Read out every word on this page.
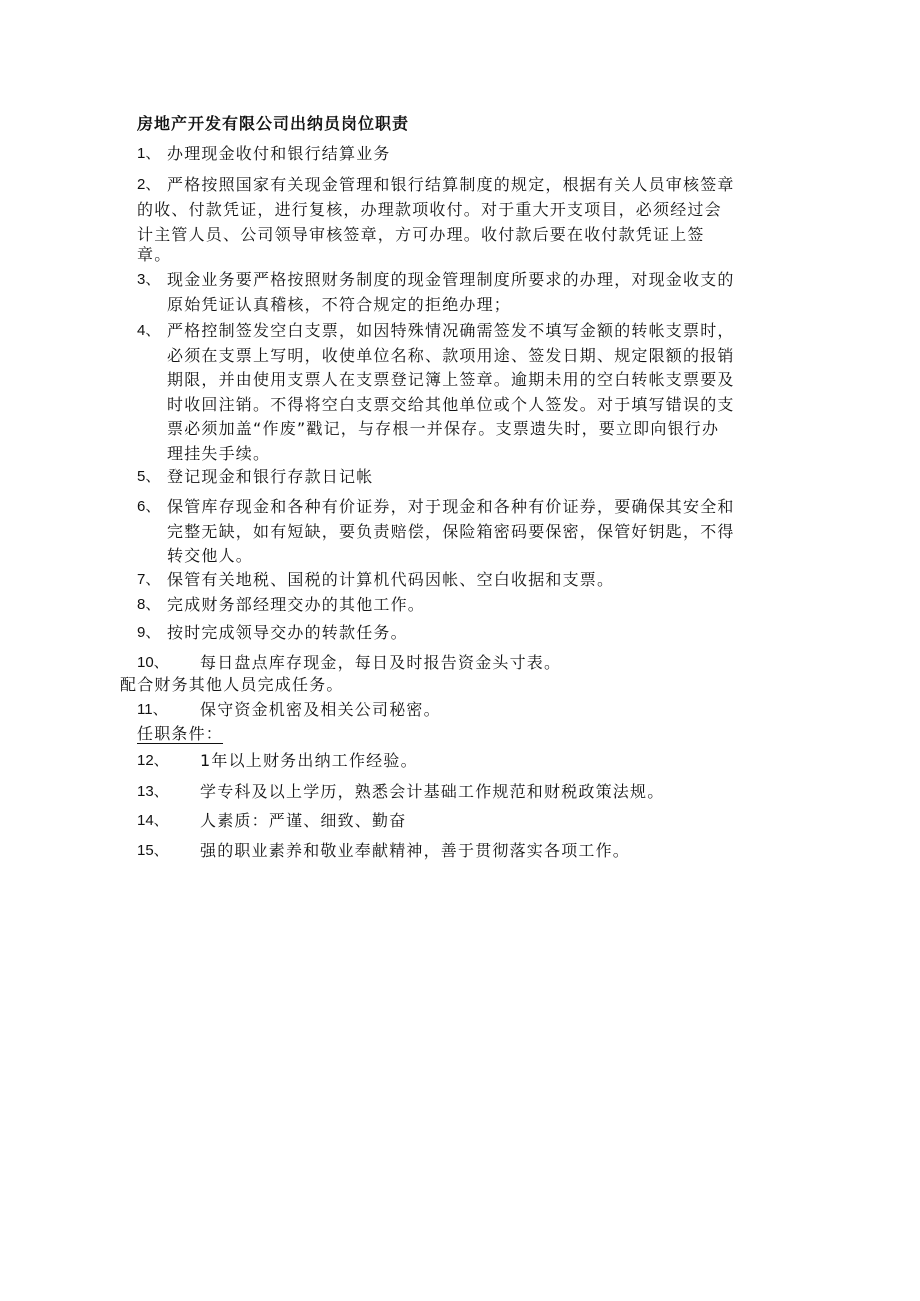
房地产开发有限公司出纳员岗位职责
1、 办理现金收付和银行结算业务
2、 严格按照国家有关现金管理和银行结算制度的规定，根据有关人员审核签章
的收、付款凭证，进行复核，办理款项收付。对于重大开支项目，必须经过会
计主管人员、公司领导审核签章，方可办理。收付款后要在收付款凭证上签
章。
3、 现金业务要严格按照财务制度的现金管理制度所要求的办理，对现金收支的
原始凭证认真稽核，不符合规定的拒绝办理；
4、 严格控制签发空白支票，如因特殊情况确需签发不填写金额的转帐支票时，
必须在支票上写明，收使单位名称、款项用途、签发日期、规定限额的报销
期限，并由使用支票人在支票登记簿上签章。逾期未用的空白转帐支票要及
时收回注销。不得将空白支票交给其他单位或个人签发。对于填写错误的支
票必须加盖“作废”戳记，与存根一并保存。支票遗失时，要立即向银行办
理挂失手续。
5、 登记现金和银行存款日记帐
6、 保管库存现金和各种有价证券，对于现金和各种有价证券，要确保其安全和
完整无缺，如有短缺，要负责赔偿，保险箱密码要保密，保管好钥匙，不得
转交他人。
7、 保管有关地税、国税的计算机代码因帐、空白收据和支票。
8、 完成财务部经理交办的其他工作。
9、 按时完成领导交办的转款任务。
10、 每日盘点库存现金，每日及时报告资金头寸表。
配合财务其他人员完成任务。
11、 保守资金机密及相关公司秘密。
任职条件：
12、 1年以上财务出纳工作经验。
13、 学专科及以上学历，熟悉会计基础工作规范和财税政策法规。
14、 人素质：严谨、细致、勤奋
15、 强的职业素养和敬业奉献精神，善于贯彻落实各项工作。
